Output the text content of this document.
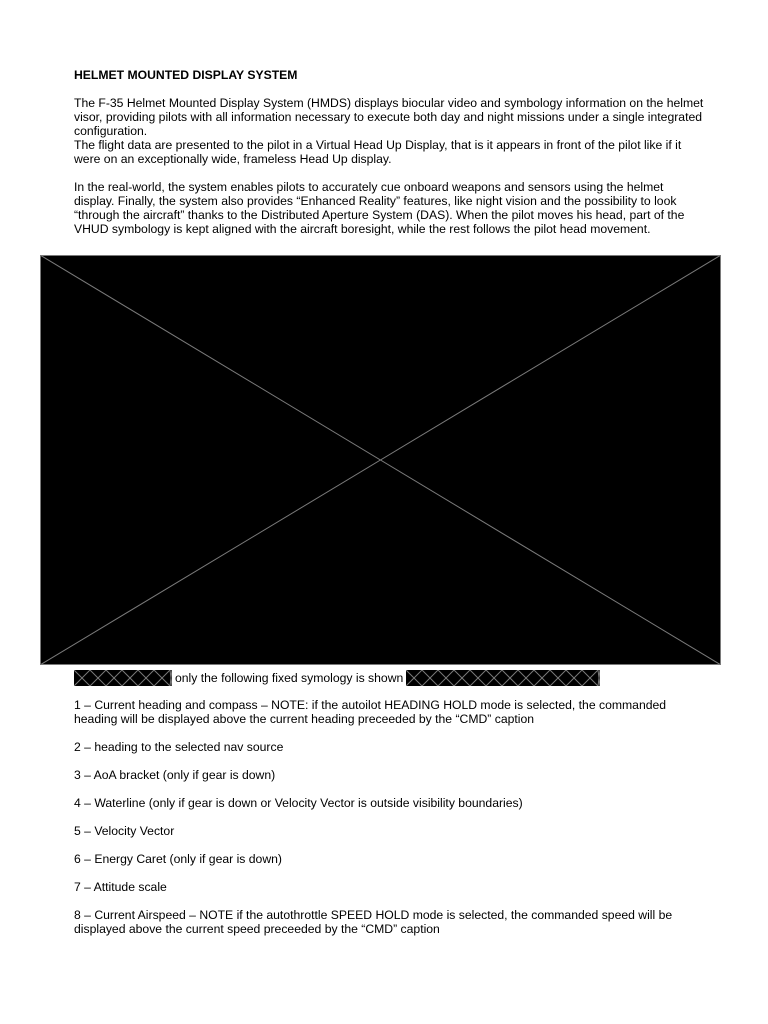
HELMET MOUNTED DISPLAY SYSTEM

The F-35 Helmet Mounted Display System (HMDS) displays biocular video and symbology information on the helmet visor, providing pilots with all information necessary to execute both day and night missions under a single integrated configuration.

The flight data are presented to the pilot in a Virtual Head Up Display, that is it appears in front of the pilot like if it were on an exceptionally wide, frameless Head Up display.

In the real-world, the system enables pilots to accurately cue onboard weapons and sensors using the helmet display. Finally, the system also provides “Enhanced Reality” features, like night vision and the possibility to look “through the aircraft” thanks to the Distributed Aperture System (DAS). When the pilot moves his head, part of the VHUD symbology is kept aligned with the aircraft boresight, while the rest follows the pilot head movement.

only the following fixed symology is shown

1 – Current heading and compass – NOTE: if the autoilot HEADING HOLD mode is selected, the commanded heading will be displayed above the current heading preceeded by the “CMD” caption

2 – heading to the selected nav source

3 – AoA bracket (only if gear is down)

4 – Waterline (only if gear is down or Velocity Vector is outside visibility boundaries)

5 – Velocity Vector

6 – Energy Caret (only if gear is down)

7 – Attitude scale

8 – Current Airspeed – NOTE if the autothrottle SPEED HOLD mode is selected, the commanded speed will be displayed above the current speed preceeded by the “CMD” caption
